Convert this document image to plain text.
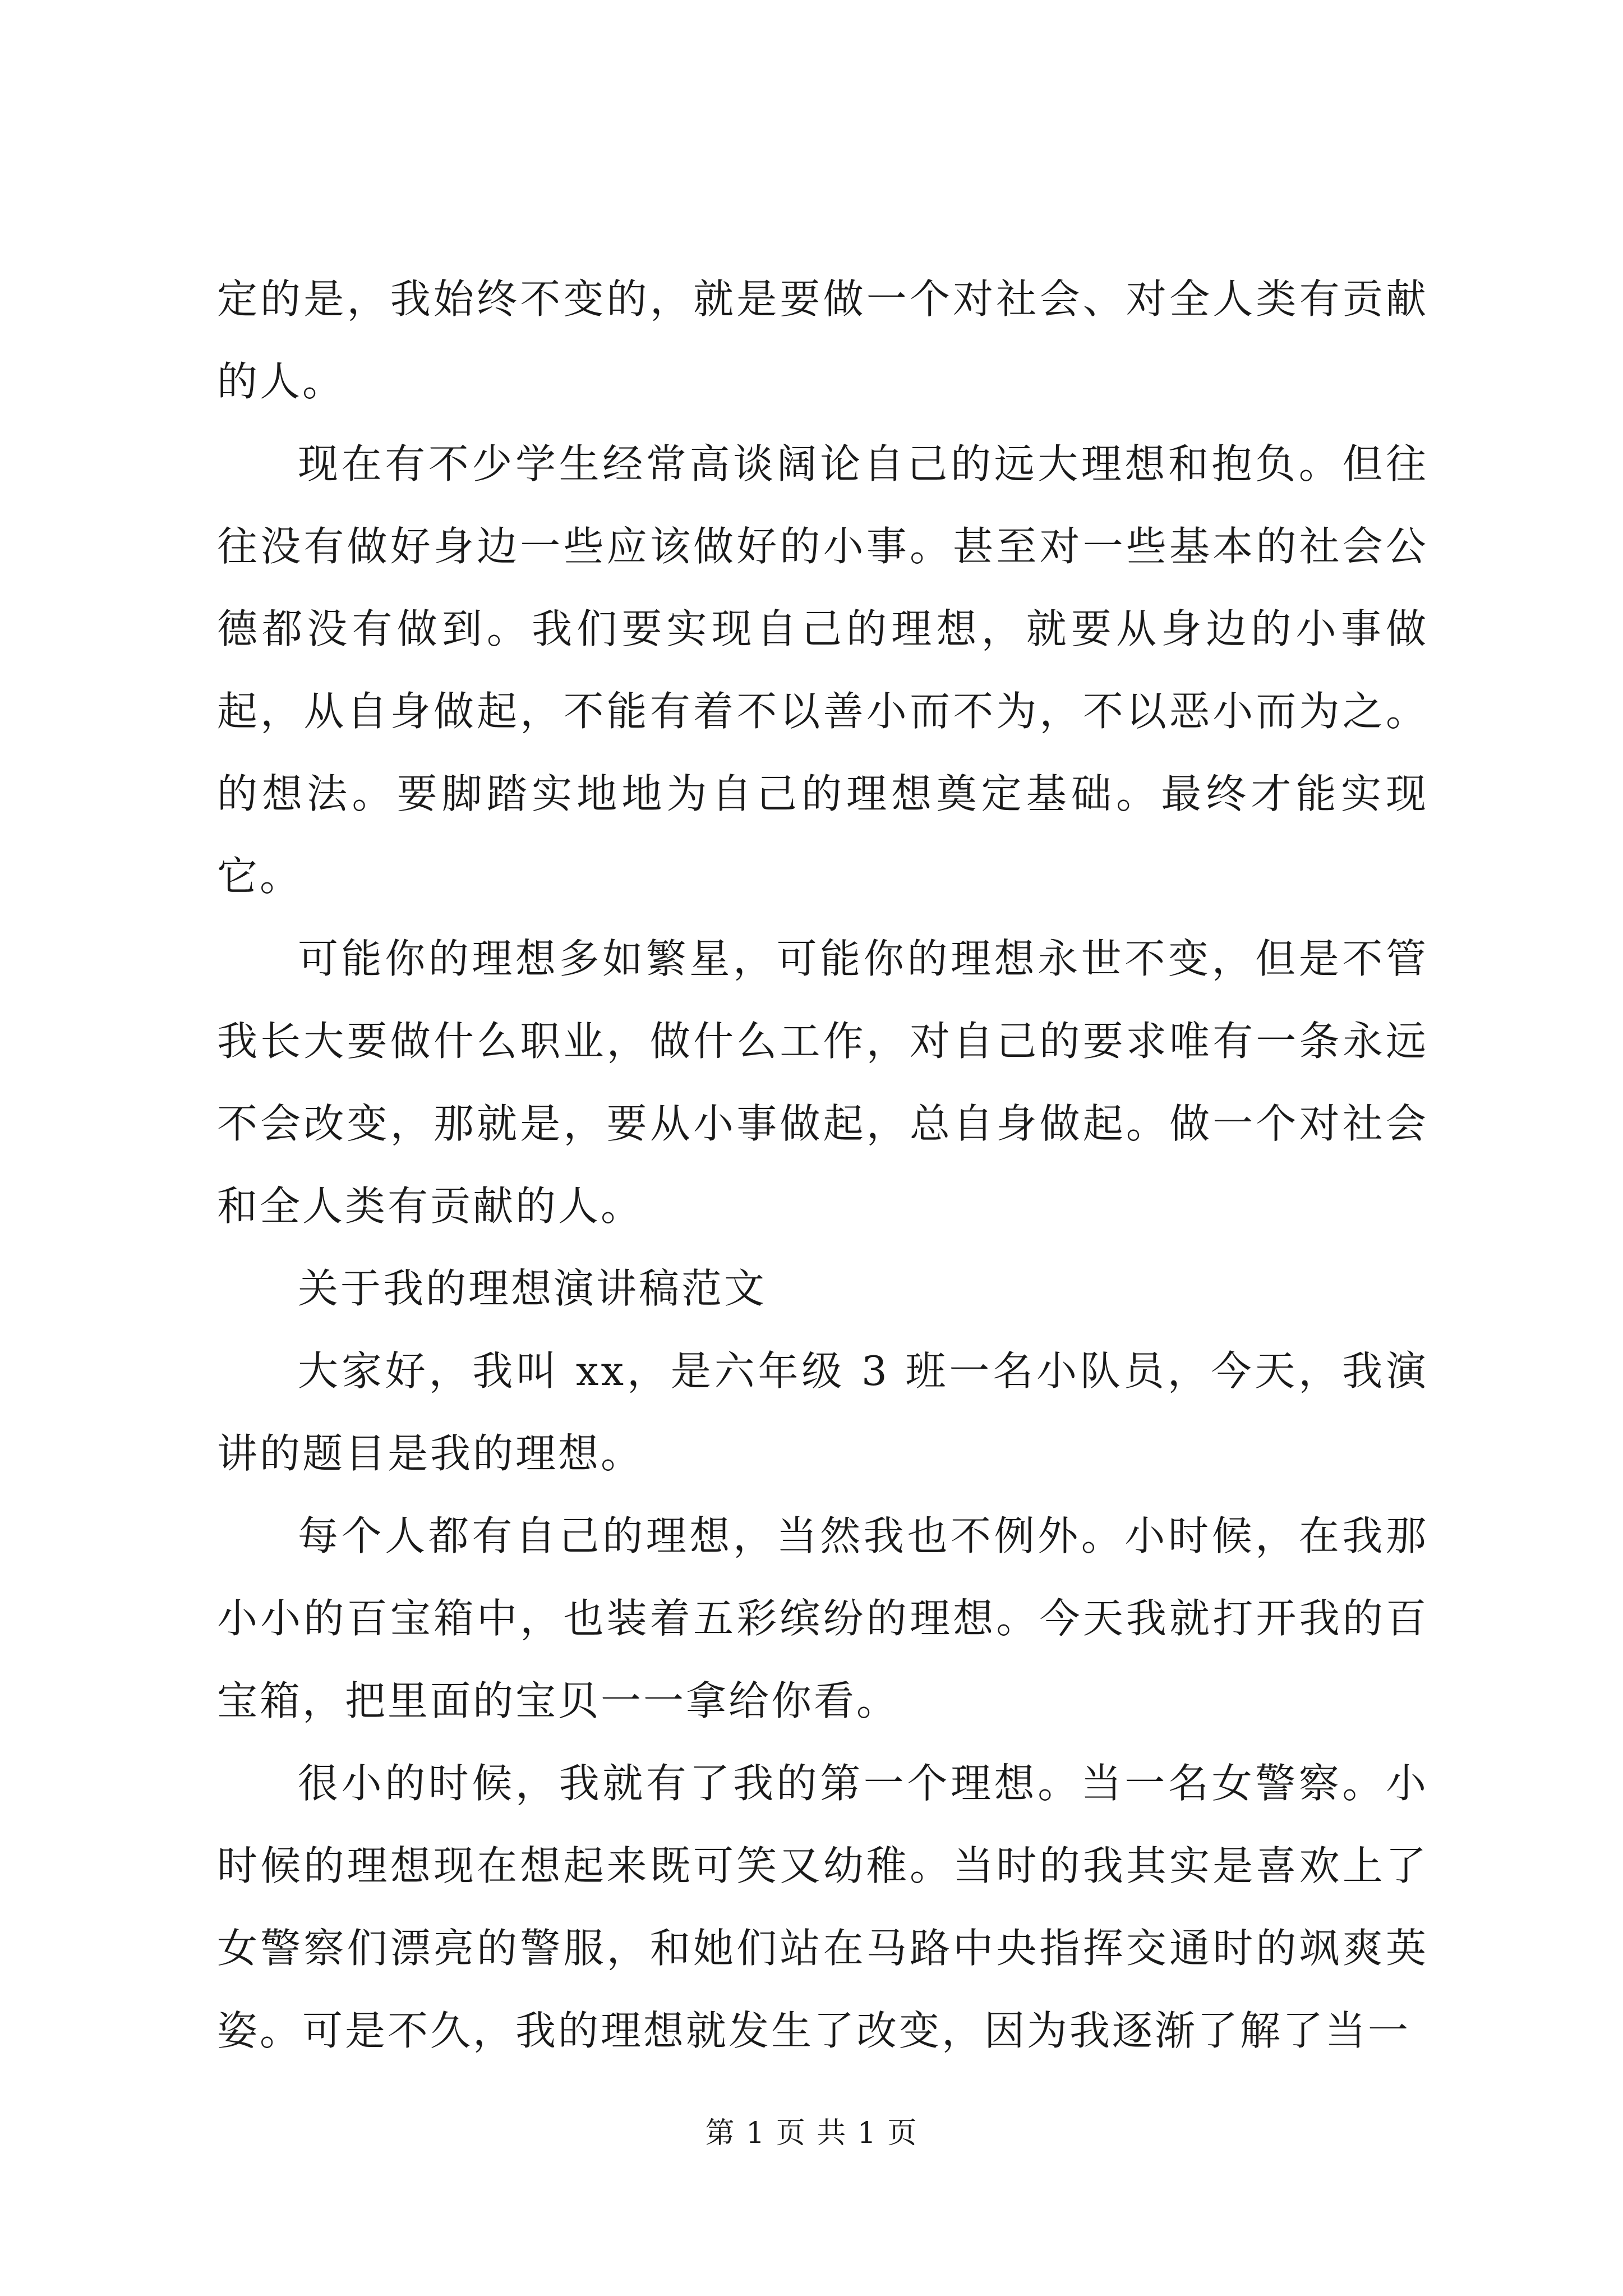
定的是，我始终不变的，就是要做一个对社会、对全人类有贡献的人。

现在有不少学生经常高谈阔论自己的远大理想和抱负。但往往没有做好身边一些应该做好的小事。甚至对一些基本的社会公德都没有做到。我们要实现自己的理想，就要从身边的小事做起，从自身做起，不能有着不以善小而不为，不以恶小而为之。的想法。要脚踏实地地为自己的理想奠定基础。最终才能实现它。

可能你的理想多如繁星，可能你的理想永世不变，但是不管我长大要做什么职业，做什么工作，对自己的要求唯有一条永远不会改变，那就是，要从小事做起，总自身做起。做一个对社会和全人类有贡献的人。

关于我的理想演讲稿范文

大家好，我叫 xx，是六年级 3 班一名小队员，今天，我演讲的题目是我的理想。

每个人都有自己的理想，当然我也不例外。小时候，在我那小小的百宝箱中，也装着五彩缤纷的理想。今天我就打开我的百宝箱，把里面的宝贝一一拿给你看。

很小的时候，我就有了我的第一个理想。当一名女警察。小时候的理想现在想起来既可笑又幼稚。当时的我其实是喜欢上了女警察们漂亮的警服，和她们站在马路中央指挥交通时的飒爽英姿。可是不久，我的理想就发生了改变，因为我逐渐了解了当一

第 1 页 共 1 页
